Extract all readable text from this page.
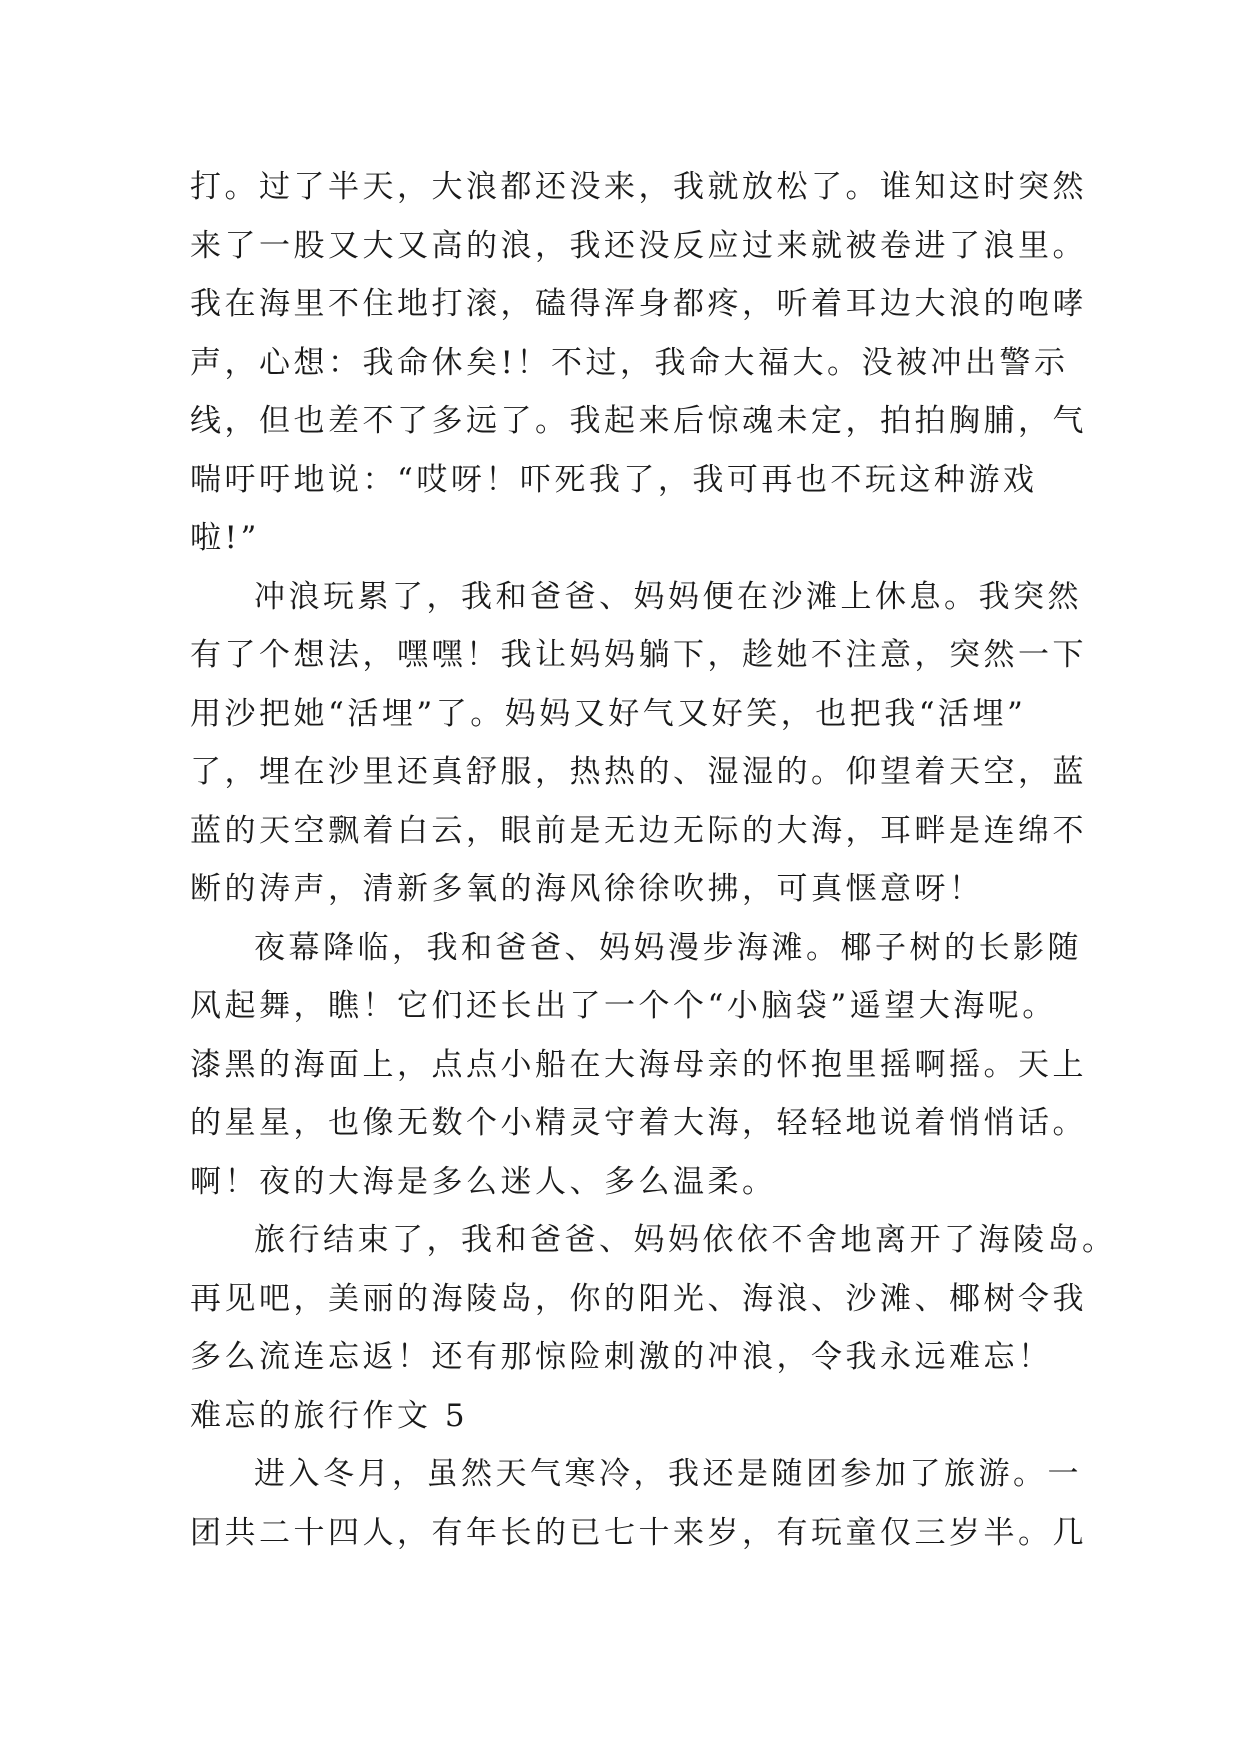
打。过了半天，大浪都还没来，我就放松了。谁知这时突然
来了一股又大又高的浪，我还没反应过来就被卷进了浪里。
我在海里不住地打滚，磕得浑身都疼，听着耳边大浪的咆哮
声，心想：我命休矣!！不过，我命大福大。没被冲出警示
线，但也差不了多远了。我起来后惊魂未定，拍拍胸脯，气
喘吁吁地说：“哎呀！吓死我了，我可再也不玩这种游戏
啦!”
冲浪玩累了，我和爸爸、妈妈便在沙滩上休息。我突然
有了个想法，嘿嘿！我让妈妈躺下，趁她不注意，突然一下
用沙把她“活埋”了。妈妈又好气又好笑，也把我“活埋”
了，埋在沙里还真舒服，热热的、湿湿的。仰望着天空，蓝
蓝的天空飘着白云，眼前是无边无际的大海，耳畔是连绵不
断的涛声，清新多氧的海风徐徐吹拂，可真惬意呀！
夜幕降临，我和爸爸、妈妈漫步海滩。椰子树的长影随
风起舞，瞧！它们还长出了一个个“小脑袋”遥望大海呢。
漆黑的海面上，点点小船在大海母亲的怀抱里摇啊摇。天上
的星星，也像无数个小精灵守着大海，轻轻地说着悄悄话。
啊！夜的大海是多么迷人、多么温柔。
旅行结束了，我和爸爸、妈妈依依不舍地离开了海陵岛。
再见吧，美丽的海陵岛，你的阳光、海浪、沙滩、椰树令我
多么流连忘返！还有那惊险刺激的冲浪，令我永远难忘！
难忘的旅行作文 5
进入冬月，虽然天气寒冷，我还是随团参加了旅游。一
团共二十四人，有年长的已七十来岁，有玩童仅三岁半。几
